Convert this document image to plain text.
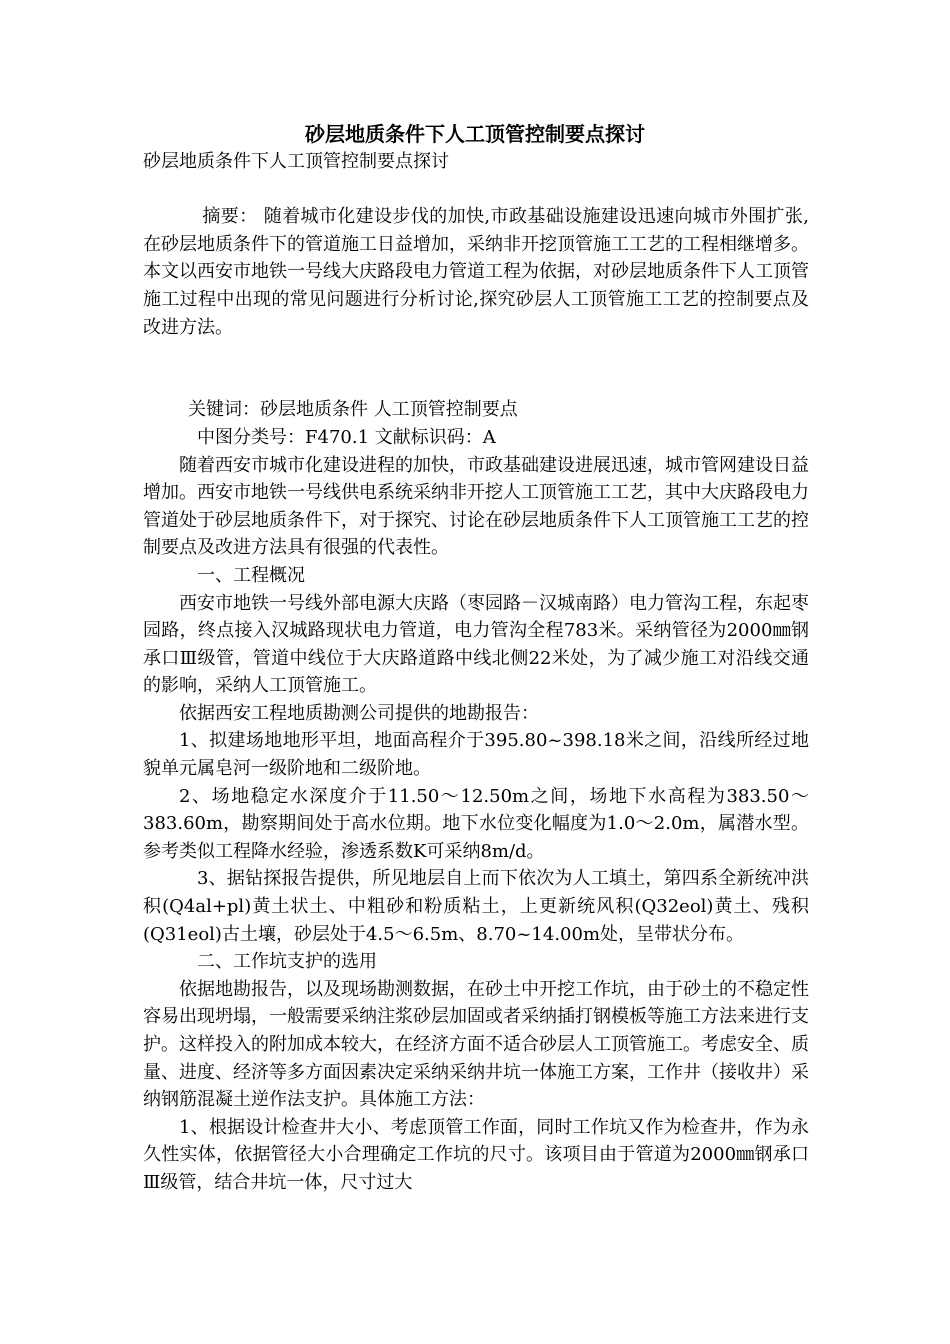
砂层地质条件下人工顶管控制要点探讨

砂层地质条件下人工顶管控制要点探讨

摘要： 随着城市化建设步伐的加快,市政基础设施建设迅速向城市外围扩张,在砂层地质条件下的管道施工日益增加，采纳非开挖顶管施工工艺的工程相继增多。本文以西安市地铁一号线大庆路段电力管道工程为依据，对砂层地质条件下人工顶管施工过程中出现的常见问题进行分析讨论,探究砂层人工顶管施工工艺的控制要点及改进方法。

关键词：砂层地质条件 人工顶管控制要点

中图分类号：F470.1 文献标识码：A

随着西安市城市化建设进程的加快，市政基础建设进展迅速，城市管网建设日益增加。西安市地铁一号线供电系统采纳非开挖人工顶管施工工艺，其中大庆路段电力管道处于砂层地质条件下，对于探究、讨论在砂层地质条件下人工顶管施工工艺的控制要点及改进方法具有很强的代表性。

一、工程概况

西安市地铁一号线外部电源大庆路（枣园路－汉城南路）电力管沟工程，东起枣园路，终点接入汉城路现状电力管道，电力管沟全程783米。采纳管径为2000㎜钢承口Ⅲ级管，管道中线位于大庆路道路中线北侧22米处，为了减少施工对沿线交通的影响，采纳人工顶管施工。

依据西安工程地质勘测公司提供的地勘报告：

1、拟建场地地形平坦，地面高程介于395.80~398.18米之间，沿线所经过地貌单元属皂河一级阶地和二级阶地。

2、场地稳定水深度介于11.50～12.50m之间，场地下水高程为383.50～383.60m，勘察期间处于高水位期。地下水位变化幅度为1.0～2.0m，属潜水型。参考类似工程降水经验，渗透系数K可采纳8m/d。

3、据钻探报告提供，所见地层自上而下依次为人工填土，第四系全新统冲洪积(Q4al+pl)黄土状土、中粗砂和粉质粘土，上更新统风积(Q32eol)黄土、残积(Q31eol)古土壤，砂层处于4.5～6.5m、8.70~14.00m处，呈带状分布。

二、工作坑支护的选用

依据地勘报告，以及现场勘测数据，在砂土中开挖工作坑，由于砂土的不稳定性容易出现坍塌，一般需要采纳注浆砂层加固或者采纳插打钢模板等施工方法来进行支护。这样投入的附加成本较大，在经济方面不适合砂层人工顶管施工。考虑安全、质量、进度、经济等多方面因素决定采纳采纳井坑一体施工方案，工作井（接收井）采纳钢筋混凝土逆作法支护。具体施工方法：

1、根据设计检查井大小、考虑顶管工作面，同时工作坑又作为检查井，作为永久性实体，依据管径大小合理确定工作坑的尺寸。该项目由于管道为2000㎜钢承口Ⅲ级管，结合井坑一体，尺寸过大
